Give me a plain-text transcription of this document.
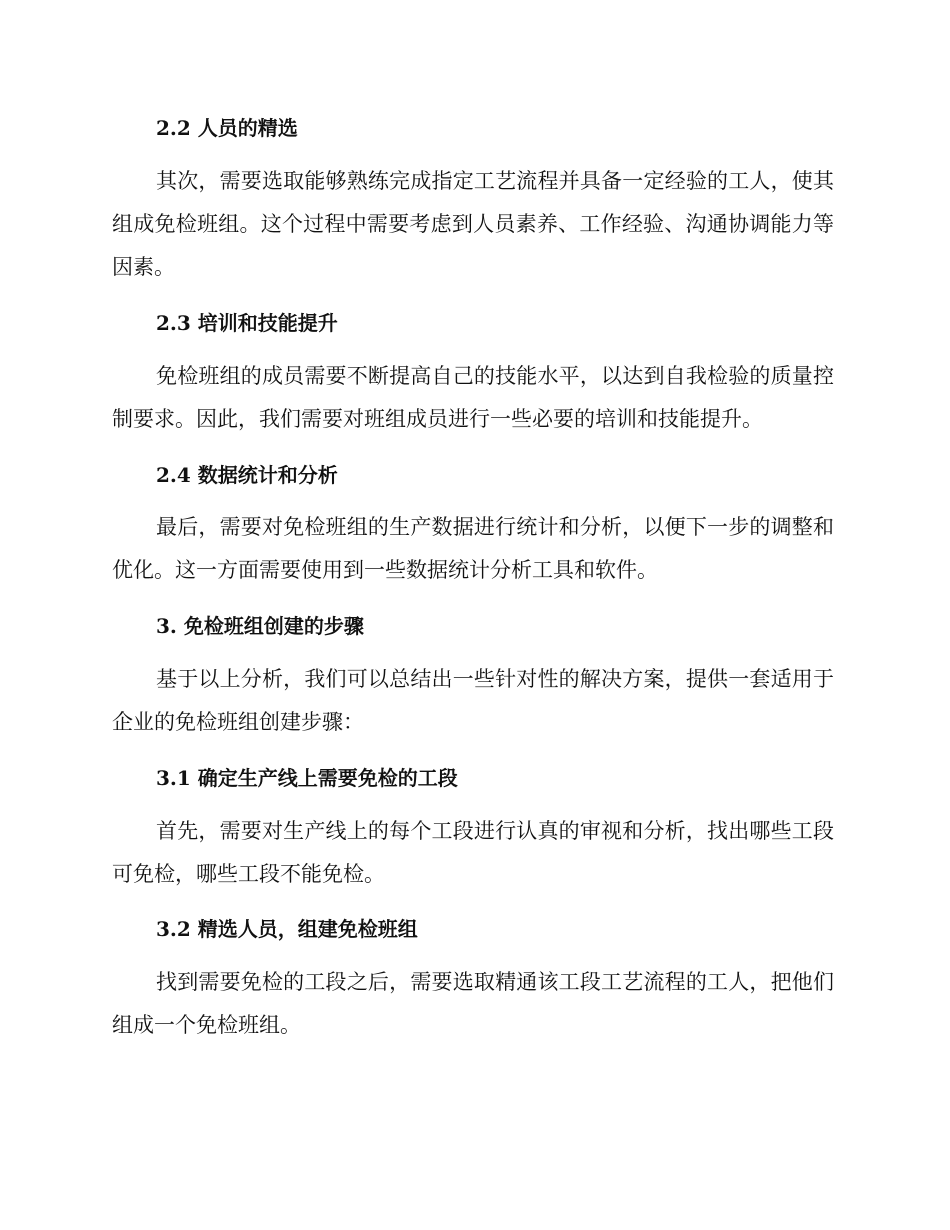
2.2 人员的精选

其次，需要选取能够熟练完成指定工艺流程并具备一定经验的工人，使其组成免检班组。这个过程中需要考虑到人员素养、工作经验、沟通协调能力等因素。

2.3 培训和技能提升

免检班组的成员需要不断提高自己的技能水平，以达到自我检验的质量控制要求。因此，我们需要对班组成员进行一些必要的培训和技能提升。

2.4 数据统计和分析

最后，需要对免检班组的生产数据进行统计和分析，以便下一步的调整和优化。这一方面需要使用到一些数据统计分析工具和软件。

3. 免检班组创建的步骤

基于以上分析，我们可以总结出一些针对性的解决方案，提供一套适用于企业的免检班组创建步骤：

3.1 确定生产线上需要免检的工段

首先，需要对生产线上的每个工段进行认真的审视和分析，找出哪些工段可免检，哪些工段不能免检。

3.2 精选人员，组建免检班组

找到需要免检的工段之后，需要选取精通该工段工艺流程的工人，把他们组成一个免检班组。
